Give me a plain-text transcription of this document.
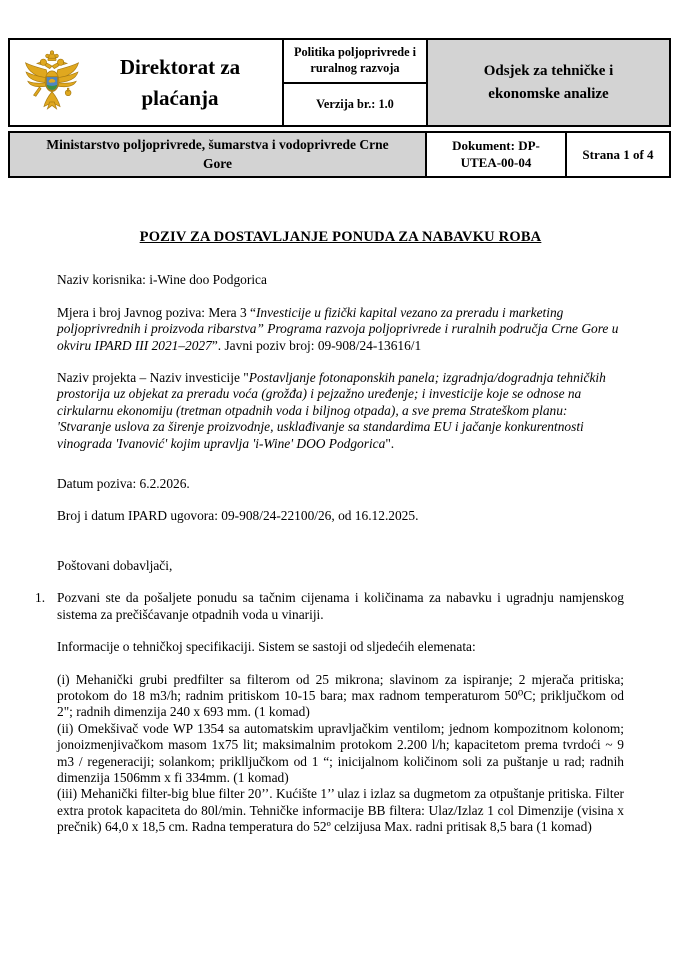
Direktorat za plaćanja
Politika poljoprivrede i ruralnog razvoja
Verzija br.: 1.0
Odsjek za tehničke i ekonomske analize
Ministarstvo poljoprivrede, šumarstva i vodoprivrede Crne Gore
Dokument: DP-UTEA-00-04
Strana 1 of 4
POZIV ZA DOSTAVLJANJE PONUDA ZA NABAVKU ROBA

Naziv korisnika: i-Wine doo Podgorica

Mjera i broj Javnog poziva: Mera 3 “Investicije u fizički kapital vezano za preradu i marketing poljoprivrednih i proizvoda ribarstva” Programa razvoja poljoprivrede i ruralnih područja Crne Gore u okviru IPARD III 2021–2027”. Javni poziv broj: 09-908/24-13616/1

Naziv projekta – Naziv investicije "Postavljanje fotonaponskih panela; izgradnja/dogradnja tehničkih prostorija uz objekat za preradu voća (grožđa) i pejzažno uređenje; i investicije koje se odnose na cirkularnu ekonomiju (tretman otpadnih voda i biljnog otpada), a sve prema Strateškom planu: 'Stvaranje uslova za širenje proizvodnje, usklađivanje sa standardima EU i jačanje konkurentnosti vinograda 'Ivanović' kojim upravlja 'i-Wine' DOO Podgorica".

Datum poziva: 6.2.2026.

Broj i datum IPARD ugovora: 09-908/24-22100/26, od 16.12.2025.

Poštovani dobavljači,

1. Pozvani ste da pošaljete ponudu sa tačnim cijenama i količinama za nabavku i ugradnju namjenskog sistema za prečišćavanje otpadnih voda u vinariji.

Informacije o tehničkoj specifikaciji. Sistem se sastoji od sljedećih elemenata:

(i) Mehanički grubi predfilter sa filterom od 25 mikrona; slavinom za ispiranje; 2 mjerača pritiska; protokom do 18 m3/h; radnim pritiskom 10-15 bara; max radnom temperaturom 50⁰C; priključkom od 2"; radnih dimenzija 240 x 693 mm. (1 komad)

(ii) Omekšivač vode WP 1354 sa automatskim upravljačkim ventilom; jednom kompozitnom kolonom; jonoizmenjivačkom masom 1x75 lit; maksimalnim protokom 2.200 l/h; kapacitetom prema tvrdoći ~ 9 m3 / regeneraciji; solankom; priklljučkom od 1 “; inicijalnom količinom soli za puštanje u rad; radnih dimenzija 1506mm x fi 334mm. (1 komad)

(iii) Mehanički filter-big blue filter 20’’. Kućište 1’’ ulaz i izlaz sa dugmetom za otpuštanje pritiska. Filter extra protok kapaciteta do 80l/min. Tehničke informacije BB filtera: Ulaz/Izlaz 1 col Dimenzije (visina x prečnik) 64,0 x 18,5 cm. Radna temperatura do 52º celzijusa Max. radni pritisak 8,5 bara (1 komad)
